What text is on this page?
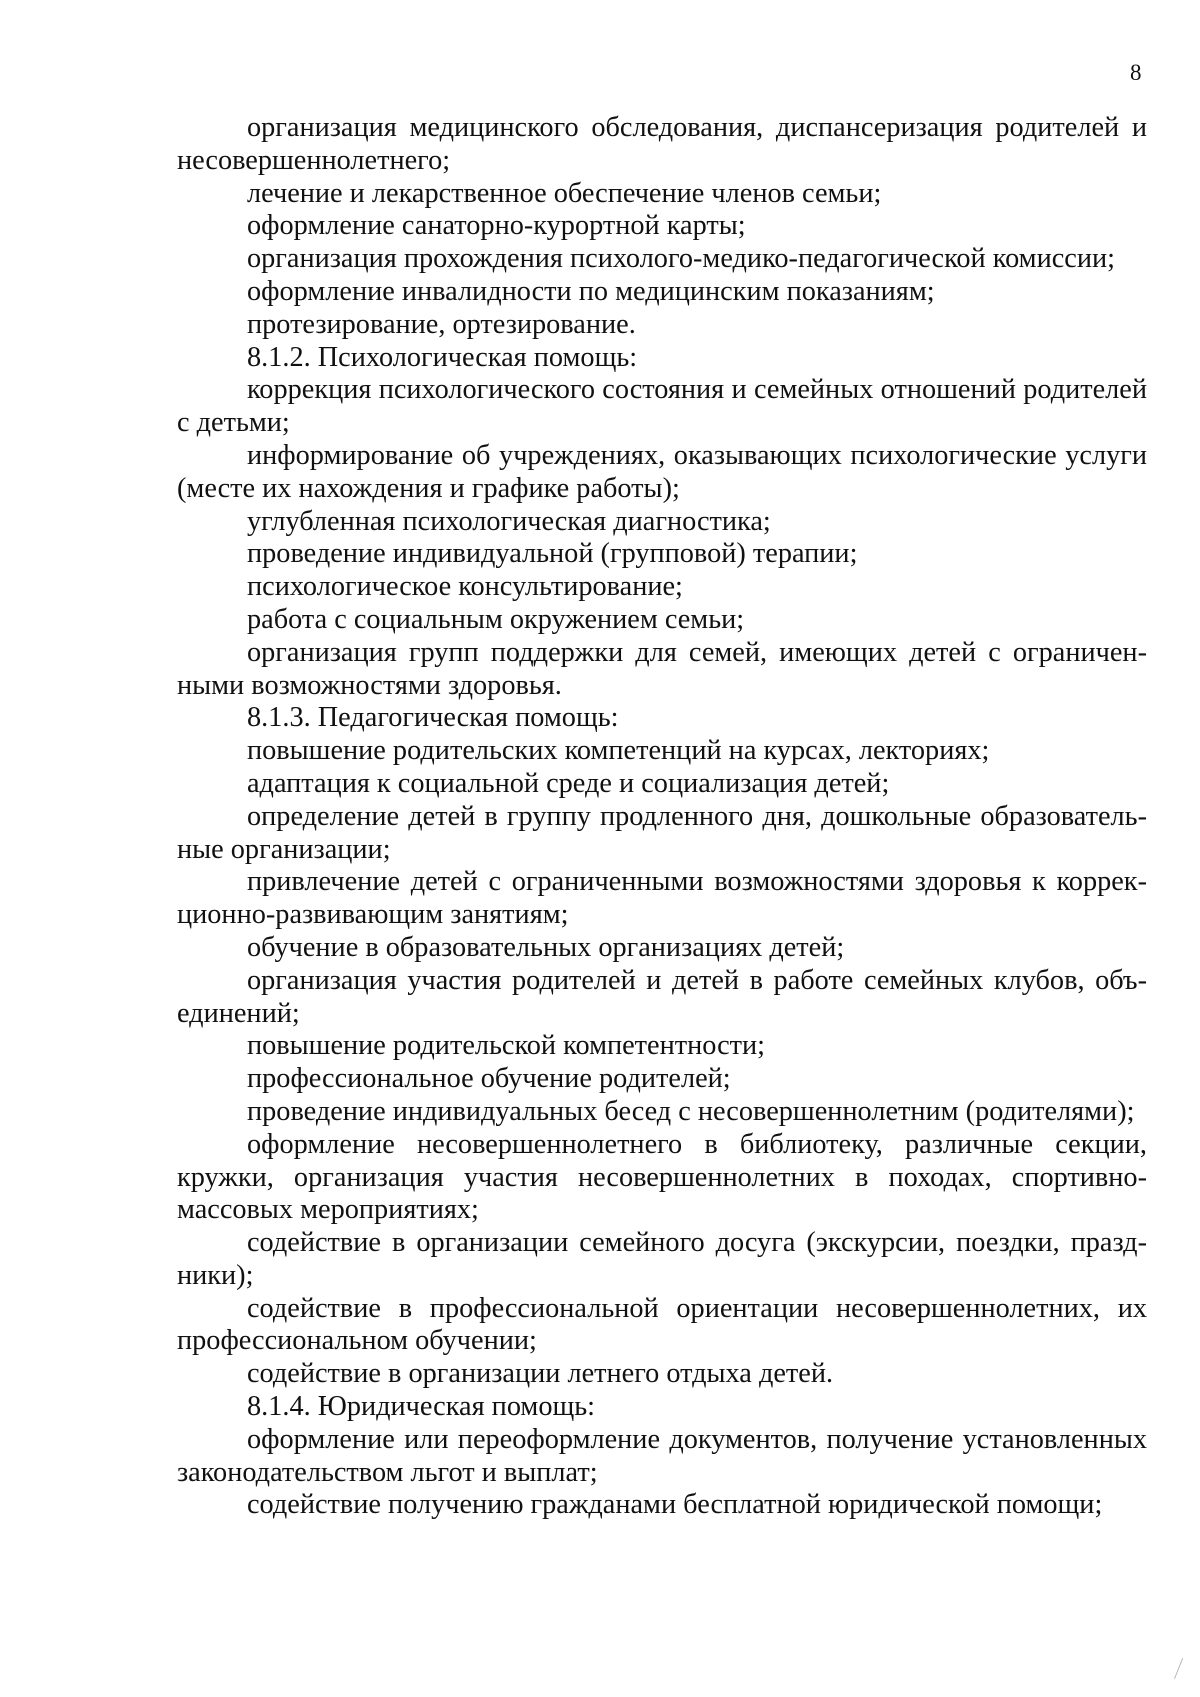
8

организация медицинского обследования, диспансеризация родителей и несовершеннолетнего;

лечение и лекарственное обеспечение членов семьи;

оформление санаторно-курортной карты;

организация прохождения психолого-медико-педагогической комиссии;

оформление инвалидности по медицинским показаниям;

протезирование, ортезирование.

8.1.2. Психологическая помощь:

коррекция психологического состояния и семейных отношений родителей с детьми;

информирование об учреждениях, оказывающих психологические услуги (месте их нахождения и графике работы);

углубленная психологическая диагностика;

проведение индивидуальной (групповой) терапии;

психологическое консультирование;

работа с социальным окружением семьи;

организация групп поддержки для семей, имеющих детей с ограниченными возможностями здоровья.

8.1.3. Педагогическая помощь:

повышение родительских компетенций на курсах, лекториях;

адаптация к социальной среде и социализация детей;

определение детей в группу продленного дня, дошкольные образовательные организации;

привлечение детей с ограниченными возможностями здоровья к коррекционно-развивающим занятиям;

обучение в образовательных организациях детей;

организация участия родителей и детей в работе семейных клубов, объединений;

повышение родительской компетентности;

профессиональное обучение родителей;

проведение индивидуальных бесед с несовершеннолетним (родителями);

оформление несовершеннолетнего в библиотеку, различные секции, кружки, организация участия несовершеннолетних в походах, спортивно-массовых мероприятиях;

содействие в организации семейного досуга (экскурсии, поездки, праздники);

содействие в профессиональной ориентации несовершеннолетних, их профессиональном обучении;

содействие в организации летнего отдыха детей.

8.1.4. Юридическая помощь:

оформление или переоформление документов, получение установленных законодательством льгот и выплат;

содействие получению гражданами бесплатной юридической помощи;
